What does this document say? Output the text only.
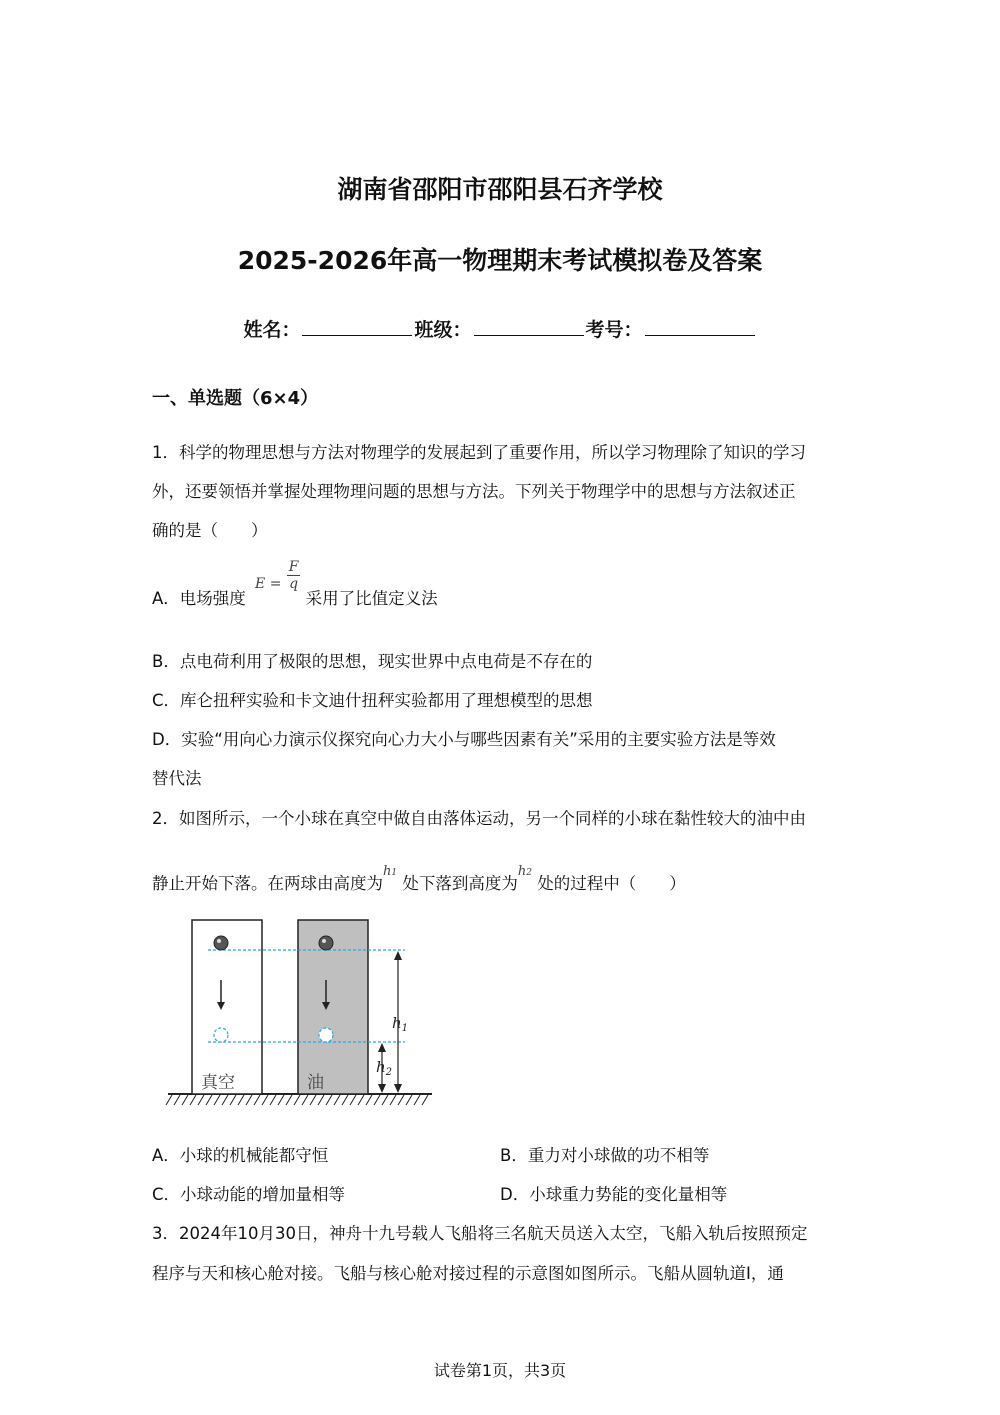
湖南省邵阳市邵阳县石齐学校
2025-2026年高一物理期末考试模拟卷及答案
姓名：	班级：	考号：
一、单选题（6×4）
1．科学的物理思想与方法对物理学的发展起到了重要作用，所以学习物理除了知识的学习
外，还要领悟并掌握处理物理问题的思想与方法。下列关于物理学中的思想与方法叙述正
确的是（　　）
A．电场强度 $_{E =} \frac{F}{q}$
采用了比值定义法
B．点电荷利用了极限的思想，现实世界中点电荷是不存在的
C．库仑扭秤实验和卡文迪什扭秤实验都用了理想模型的思想
D．实验“用向心力演示仪探究向心力大小与哪些因素有关”采用的主要实验方法是等效
替代法
2．如图所示，一个小球在真空中做自由落体运动，另一个同样的小球在黏性较大的油中由
静止开始下落。在两球由高度为$^{h1}$ 处下落到高度为$^{h2}$ 处的过程中（　　）
$h_1$
$h_2$
真空	油
A．小球的机械能都守恒	B．重力对小球做的功不相等
C．小球动能的增加量相等	D．小球重力势能的变化量相等
3．2024年10月30日，神舟十九号载人飞船将三名航天员送入太空，飞船入轨后按照预定
程序与天和核心舱对接。飞船与核心舱对接过程的示意图如图所示。飞船从圆轨道Ⅰ，通
试卷第1页，共3页
